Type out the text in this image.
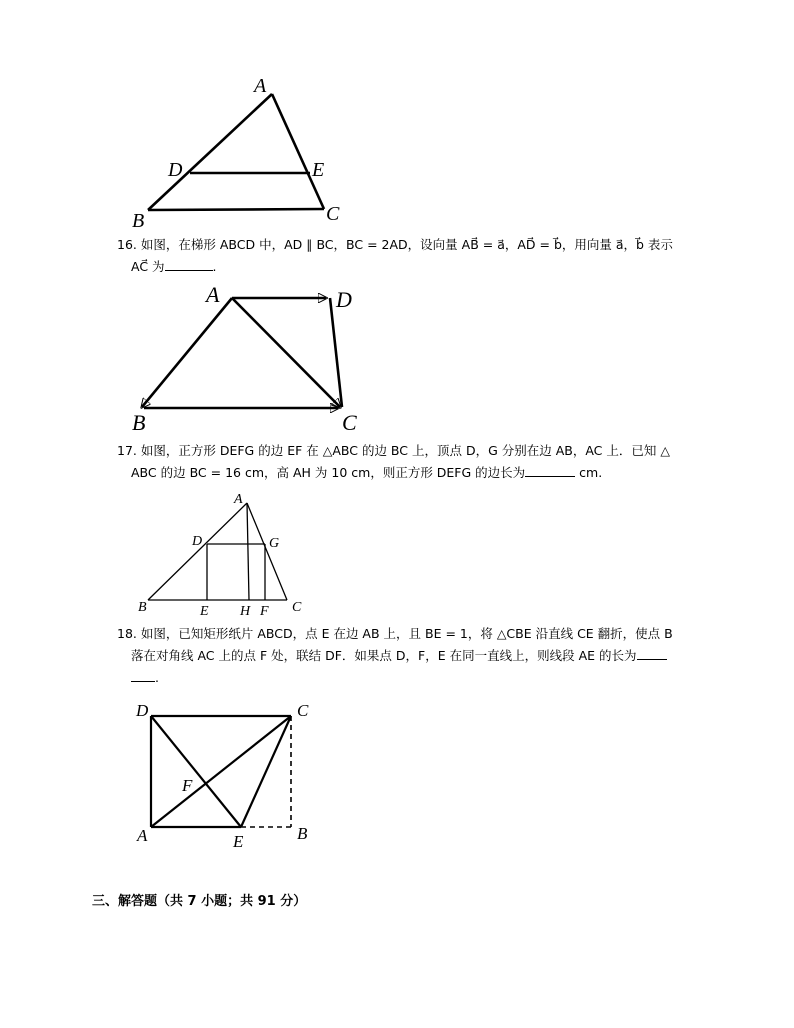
A
D	E
B	C
16. 如图，在梯形 ABCD 中，AD ∥ BC，BC = 2AD，设向量 AB⃗ = a⃗，AD⃗ = b⃗，用向量 a⃗，b⃗ 表示
AC⃗ 为	.
A	D
B	C
17. 如图，正方形 DEFG 的边 EF 在 △ABC 的边 BC 上，顶点 D，G 分别在边 AB，AC 上．已知 △
ABC 的边 BC = 16 cm，高 AH 为 10 cm，则正方形 DEFG 的边长为	cm.
A
D	G
B	E H F C
18. 如图，已知矩形纸片 ABCD，点 E 在边 AB 上，且 BE = 1，将 △CBE 沿直线 CE 翻折，使点 B
落在对角线 AC 上的点 F 处，联结 DF．如果点 D，F，E 在同一直线上，则线段 AE 的长为
.
D	C
F
A	E	B
三、解答题（共 7 小题；共 91 分）
